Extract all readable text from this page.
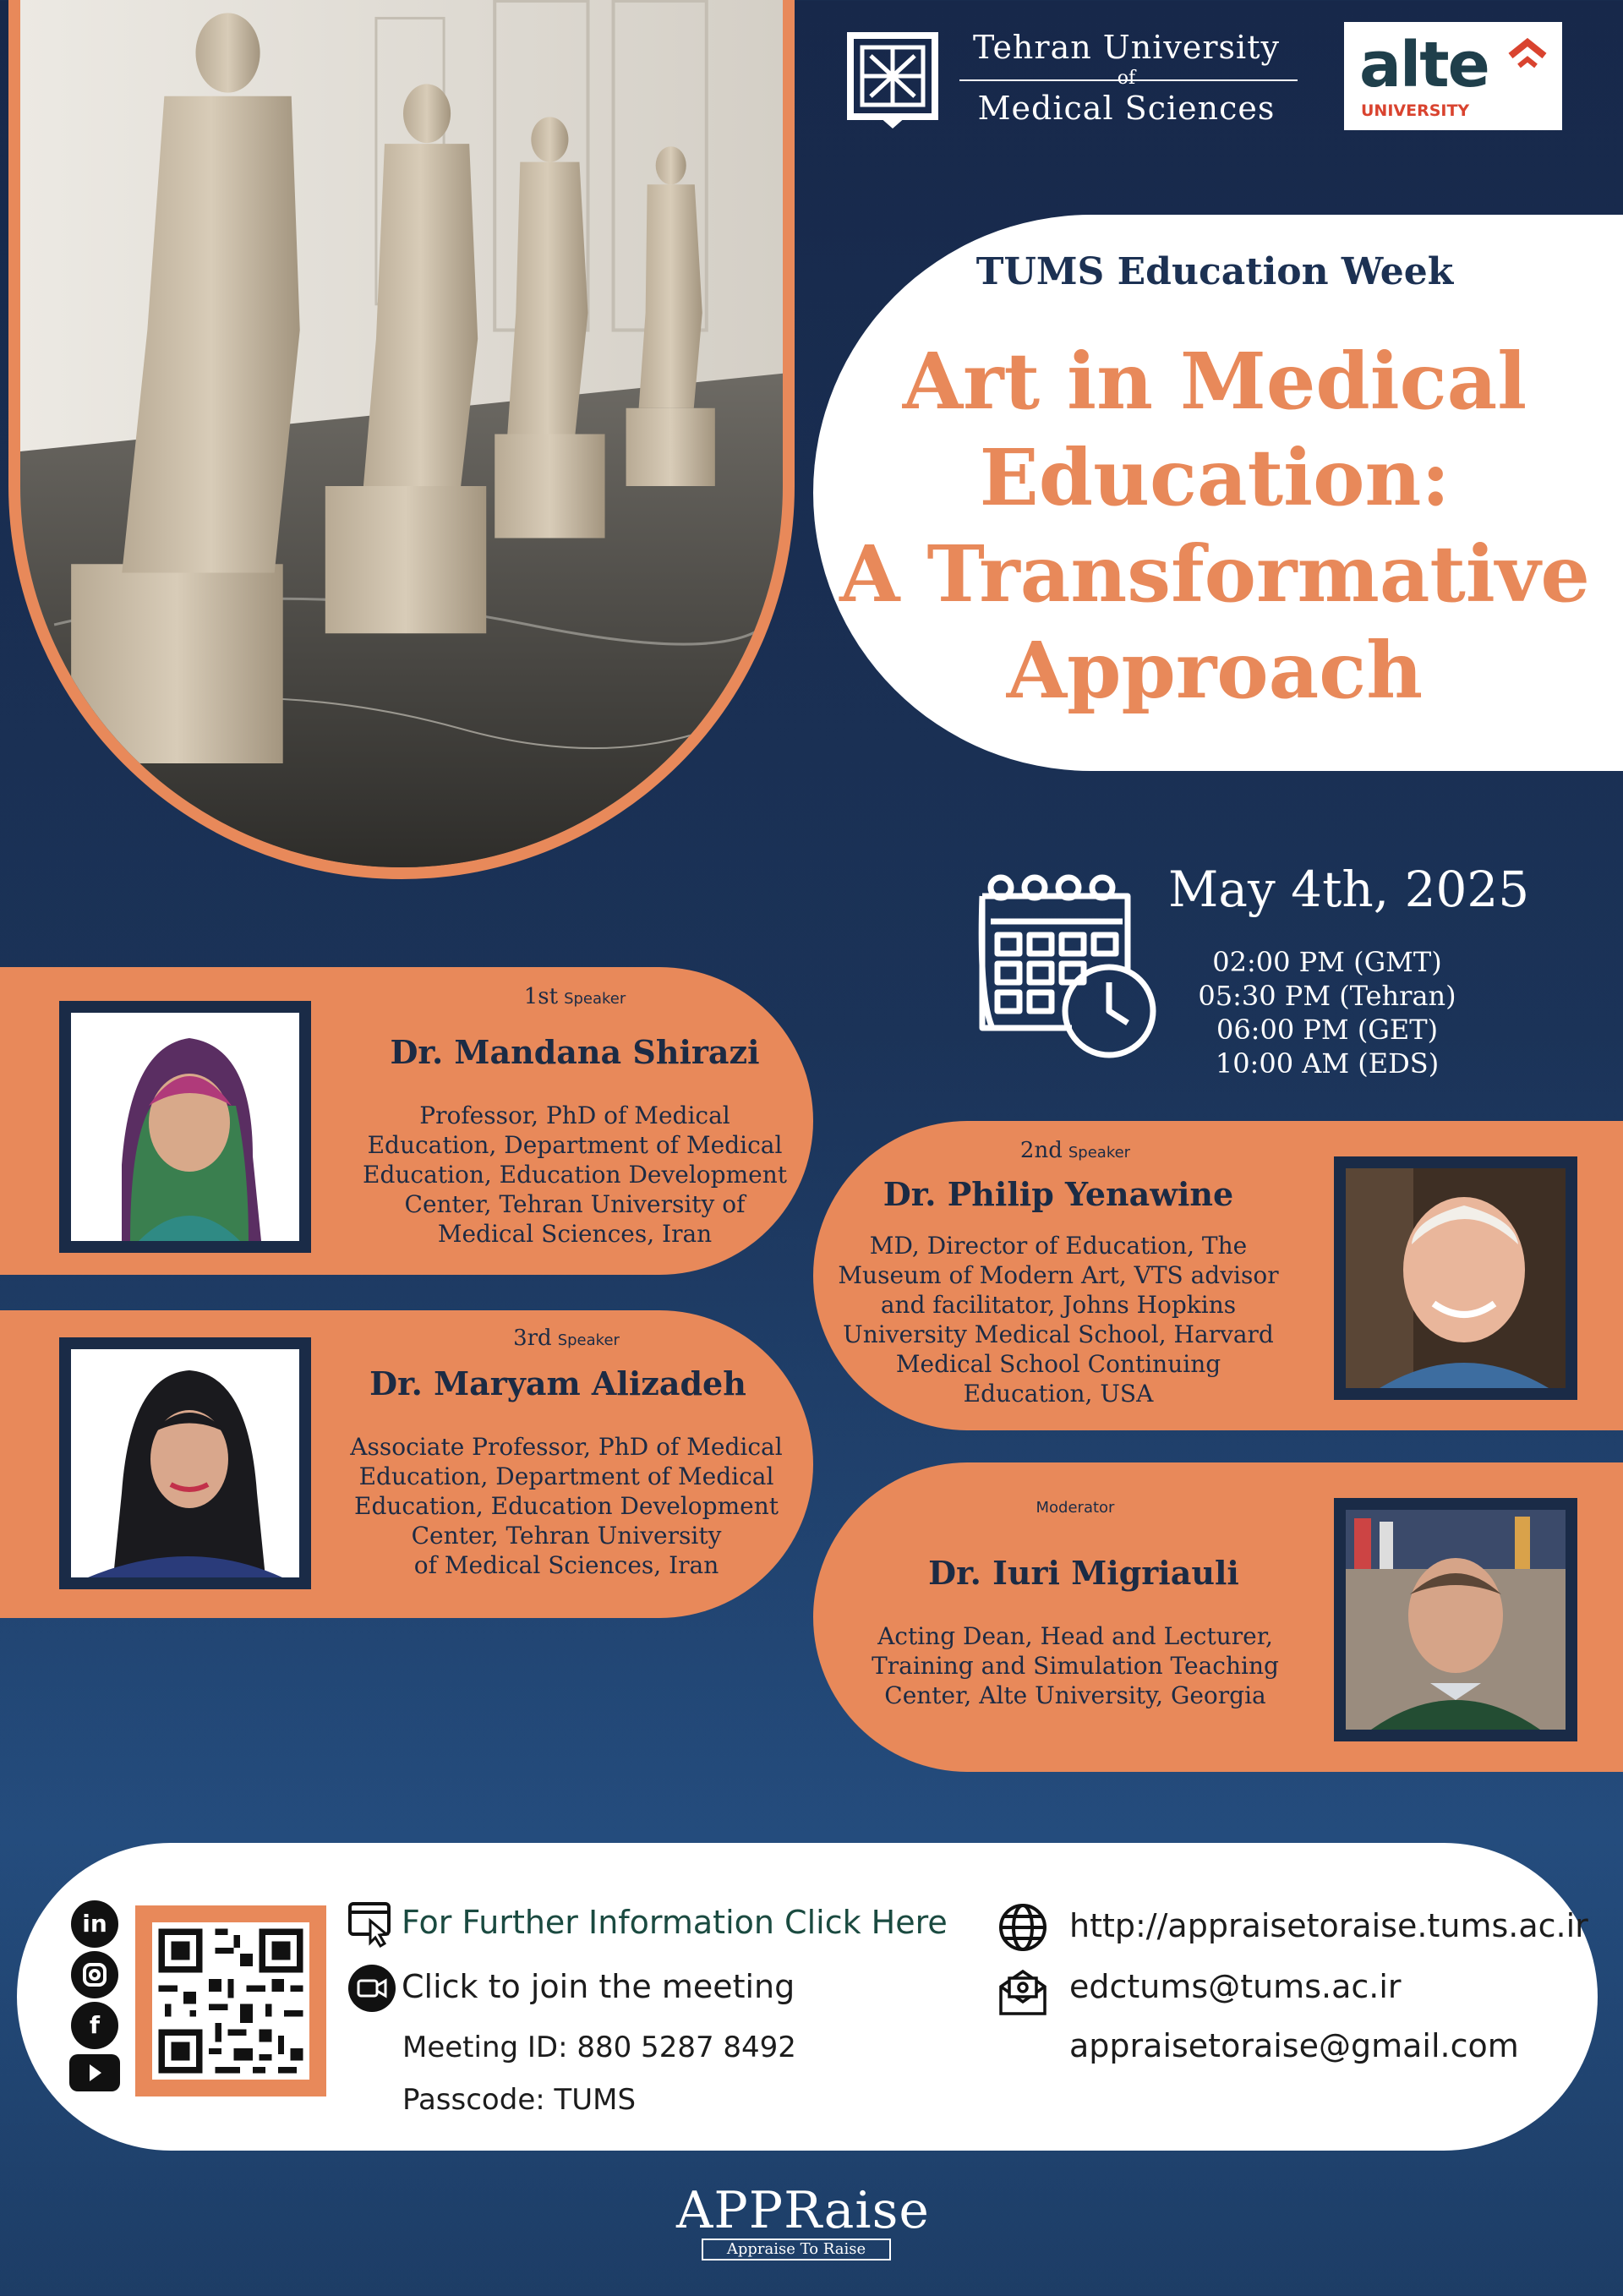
Tehran University
of
Medical Sciences
alte
UNIVERSITY
TUMS Education Week
Art in Medical
Education:
A Transformative
Approach
May 4th, 2025
02:00 PM (GMT)
05:30 PM (Tehran)
06:00 PM (GET)
10:00 AM (EDS)
1st Speaker
Dr. Mandana Shirazi
Professor, PhD of Medical
Education, Department of Medical
Education, Education Development
Center, Tehran University of
Medical Sciences, Iran
3rd Speaker
Dr. Maryam Alizadeh
Associate Professor, PhD of Medical
Education, Department of Medical
Education, Education Development
Center, Tehran University
of Medical Sciences, Iran
2nd Speaker
Dr. Philip Yenawine
MD, Director of Education, The
Museum of Modern Art, VTS advisor
and facilitator, Johns Hopkins
University Medical School, Harvard
Medical School Continuing
Education, USA
Moderator
Dr. Iuri Migriauli
Acting Dean, Head and Lecturer,
Training and Simulation Teaching
Center, Alte University, Georgia
in
f
For Further Information Click Here
Click to join the meeting
Meeting ID: 880 5287 8492
Passcode: TUMS
http://appraisetoraise.tums.ac.ir
edctums@tums.ac.ir
appraisetoraise@gmail.com
APPRaise
Appraise To Raise
